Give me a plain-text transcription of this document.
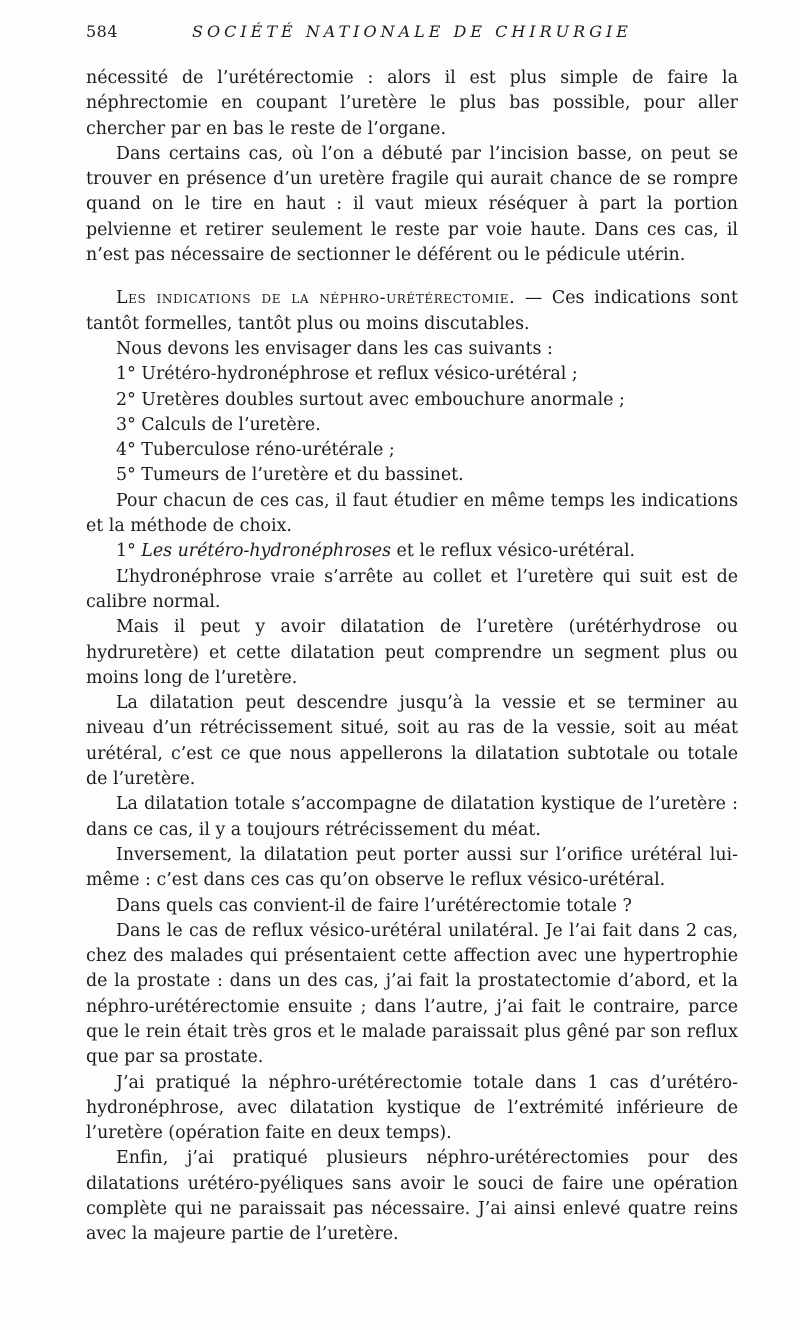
584	SOCIÉTÉ NATIONALE DE CHIRURGIE

nécessité de l’urétérectomie : alors il est plus simple de faire la néphrectomie en coupant l’uretère le plus bas possible, pour aller chercher par en bas le reste de l’organe.

Dans certains cas, où l’on a débuté par l’incision basse, on peut se trouver en présence d’un uretère fragile qui aurait chance de se rompre quand on le tire en haut : il vaut mieux réséquer à part la portion pelvienne et retirer seulement le reste par voie haute. Dans ces cas, il n’est pas nécessaire de sectionner le déférent ou le pédicule utérin.

Les indications de la néphro-urétérectomie. — Ces indications sont tantôt formelles, tantôt plus ou moins discutables.

Nous devons les envisager dans les cas suivants :

1° Urétéro-hydronéphrose et reflux vésico-urétéral ;

2° Uretères doubles surtout avec embouchure anormale ;

3° Calculs de l’uretère.

4° Tuberculose réno-urétérale ;

5° Tumeurs de l’uretère et du bassinet.

Pour chacun de ces cas, il faut étudier en même temps les indications et la méthode de choix.

1° Les urétéro-hydronéphroses et le reflux vésico-urétéral.

L’hydronéphrose vraie s’arrête au collet et l’uretère qui suit est de calibre normal.

Mais il peut y avoir dilatation de l’uretère (urétérhydrose ou hydruretère) et cette dilatation peut comprendre un segment plus ou moins long de l’uretère.

La dilatation peut descendre jusqu’à la vessie et se terminer au niveau d’un rétrécissement situé, soit au ras de la vessie, soit au méat urétéral, c’est ce que nous appellerons la dilatation subtotale ou totale de l’uretère.

La dilatation totale s’accompagne de dilatation kystique de l’uretère : dans ce cas, il y a toujours rétrécissement du méat.

Inversement, la dilatation peut porter aussi sur l’orifice urétéral lui-même : c’est dans ces cas qu’on observe le reflux vésico-urétéral.

Dans quels cas convient-il de faire l’urétérectomie totale ?

Dans le cas de reflux vésico-urétéral unilatéral. Je l’ai fait dans 2 cas, chez des malades qui présentaient cette affection avec une hypertrophie de la prostate : dans un des cas, j’ai fait la prostatectomie d’abord, et la néphro-urétérectomie ensuite ; dans l’autre, j’ai fait le contraire, parce que le rein était très gros et le malade paraissait plus gêné par son reflux que par sa prostate.

J’ai pratiqué la néphro-urétérectomie totale dans 1 cas d’urétéro-hydronéphrose, avec dilatation kystique de l’extrémité inférieure de l’uretère (opération faite en deux temps).

Enfin, j’ai pratiqué plusieurs néphro-urétérectomies pour des dilatations urétéro-pyéliques sans avoir le souci de faire une opération complète qui ne paraissait pas nécessaire. J’ai ainsi enlevé quatre reins avec la majeure partie de l’uretère.
